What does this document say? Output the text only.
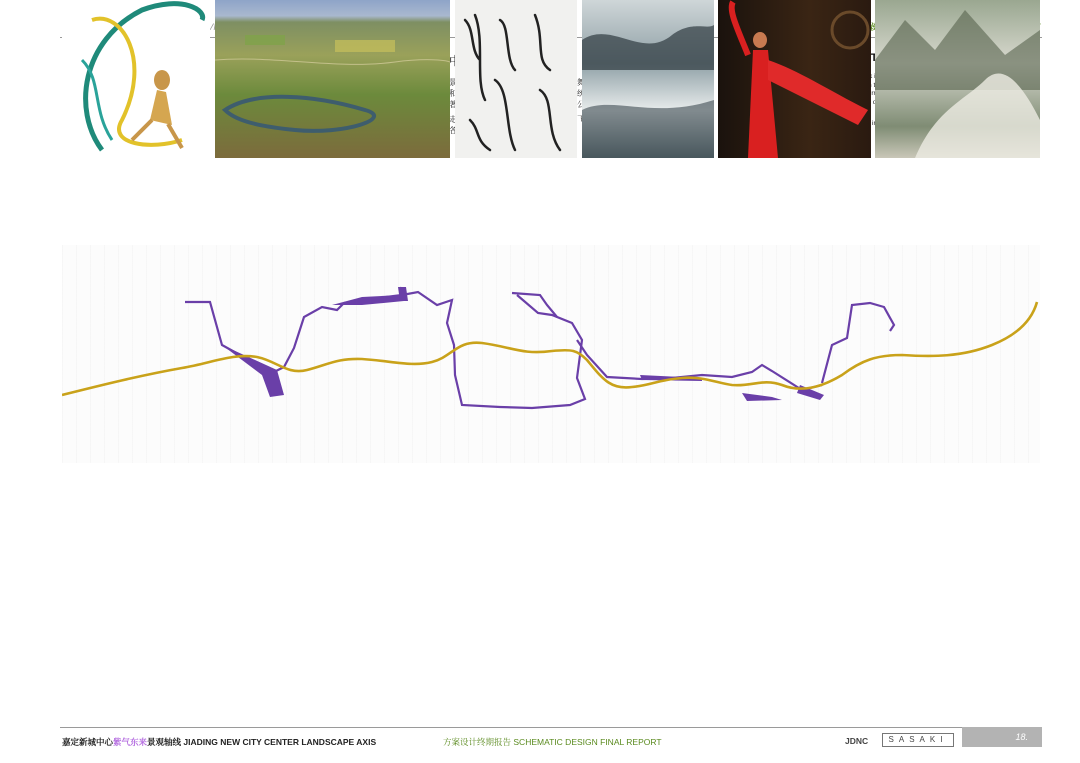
嘉定新城中心紫气东来景观轴线 JIADING NEW CITY CENTER LANDSCAPE AXIS	方案设计终期报告 SCHEMATIC DESIGN FINAL REPORT	JDNC	SASAKI	18.
